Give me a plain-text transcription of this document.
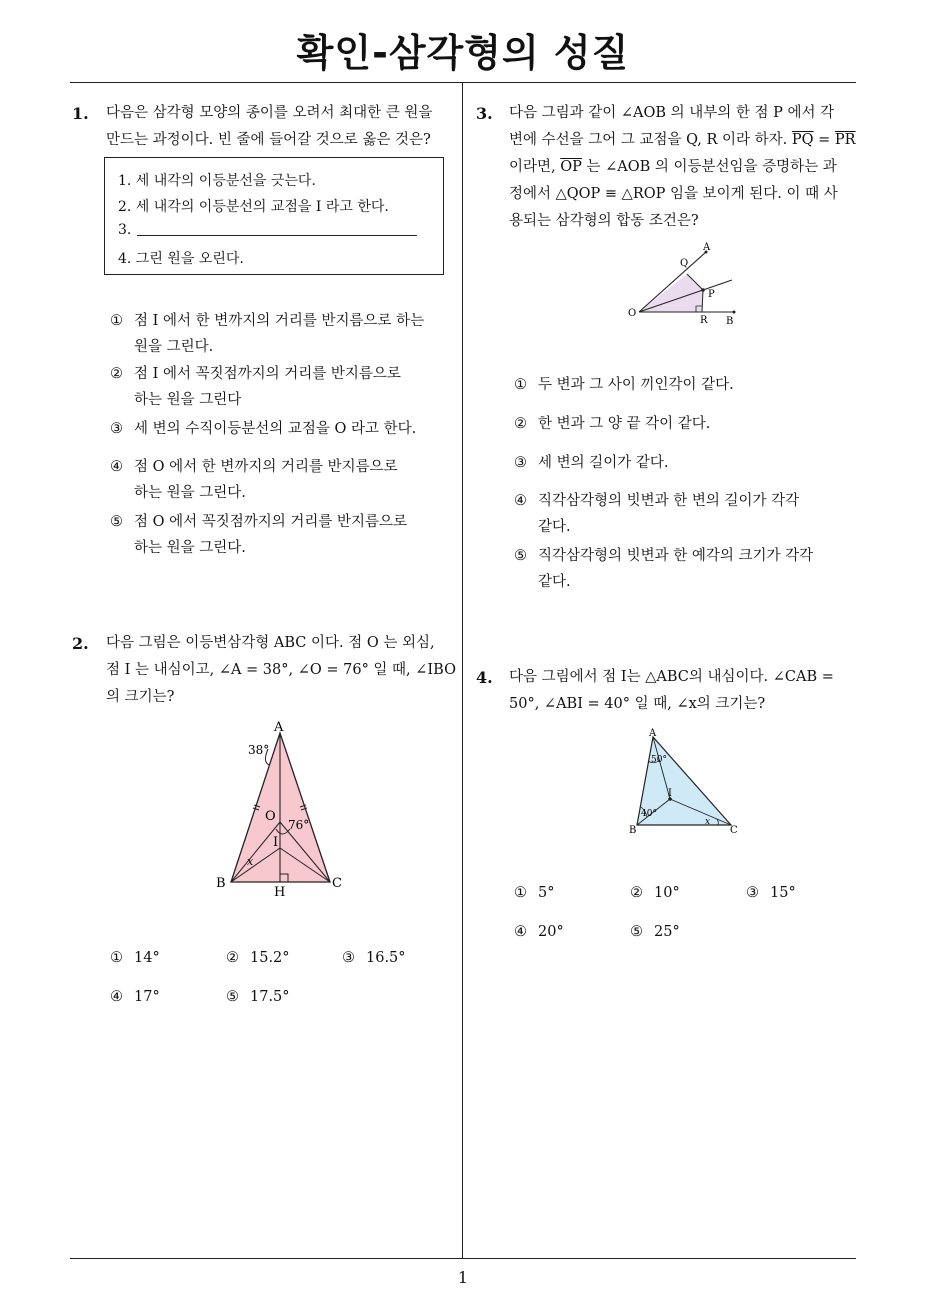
확인-삼각형의 성질
1. 다음은 삼각형 모양의 종이를 오려서 최대한 큰 원을
만드는 과정이다. 빈 줄에 들어갈 것으로 옳은 것은?
1. 세 내각의 이등분선을 긋는다.
2. 세 내각의 이등분선의 교점을 I 라고 한다.
3.
4. 그린 원을 오린다.
① 점 I 에서 한 변까지의 거리를 반지름으로 하는
원을 그린다.
② 점 I 에서 꼭짓점까지의 거리를 반지름으로
하는 원을 그린다
③ 세 변의 수직이등분선의 교점을 O 라고 한다.
④ 점 O 에서 한 변까지의 거리를 반지름으로
하는 원을 그린다.
⑤ 점 O 에서 꼭짓점까지의 거리를 반지름으로
하는 원을 그린다.
2. 다음 그림은 이등변삼각형 ABC 이다. 점 O 는 외심,
점 I 는 내심이고, ∠A = 38°, ∠O = 76° 일 때, ∠IBO
의 크기는?
A
B	C
H
O
I
38°
76°
x
① 14°	② 15.2°	③ 16.5°
④ 17°	⑤ 17.5°
3. 다음 그림과 같이 ∠AOB 의 내부의 한 점 P 에서 각
변에 수선을 그어 그 교점을 Q, R 이라 하자. $\overline{PQ} = \overline{PR}$
이라면, $\overline{OP}$ 는 ∠AOB 의 이등분선임을 증명하는 과
정에서 △QOP ≡ △ROP 임을 보이게 된다. 이 때 사
용되는 삼각형의 합동 조건은?
A
B
O
P
Q
R
① 두 변과 그 사이 끼인각이 같다.
② 한 변과 그 양 끝 각이 같다.
③ 세 변의 길이가 같다.
④ 직각삼각형의 빗변과 한 변의 길이가 각각
같다.
⑤ 직각삼각형의 빗변과 한 예각의 크기가 각각
같다.
4. 다음 그림에서 점 I는 △ABC의 내심이다. ∠CAB =
50°, ∠ABI = 40° 일 때, ∠x의 크기는?
A
B	C
I
50°
40°
x
① 5°	② 10°	③ 15°
④ 20°	⑤ 25°
1
